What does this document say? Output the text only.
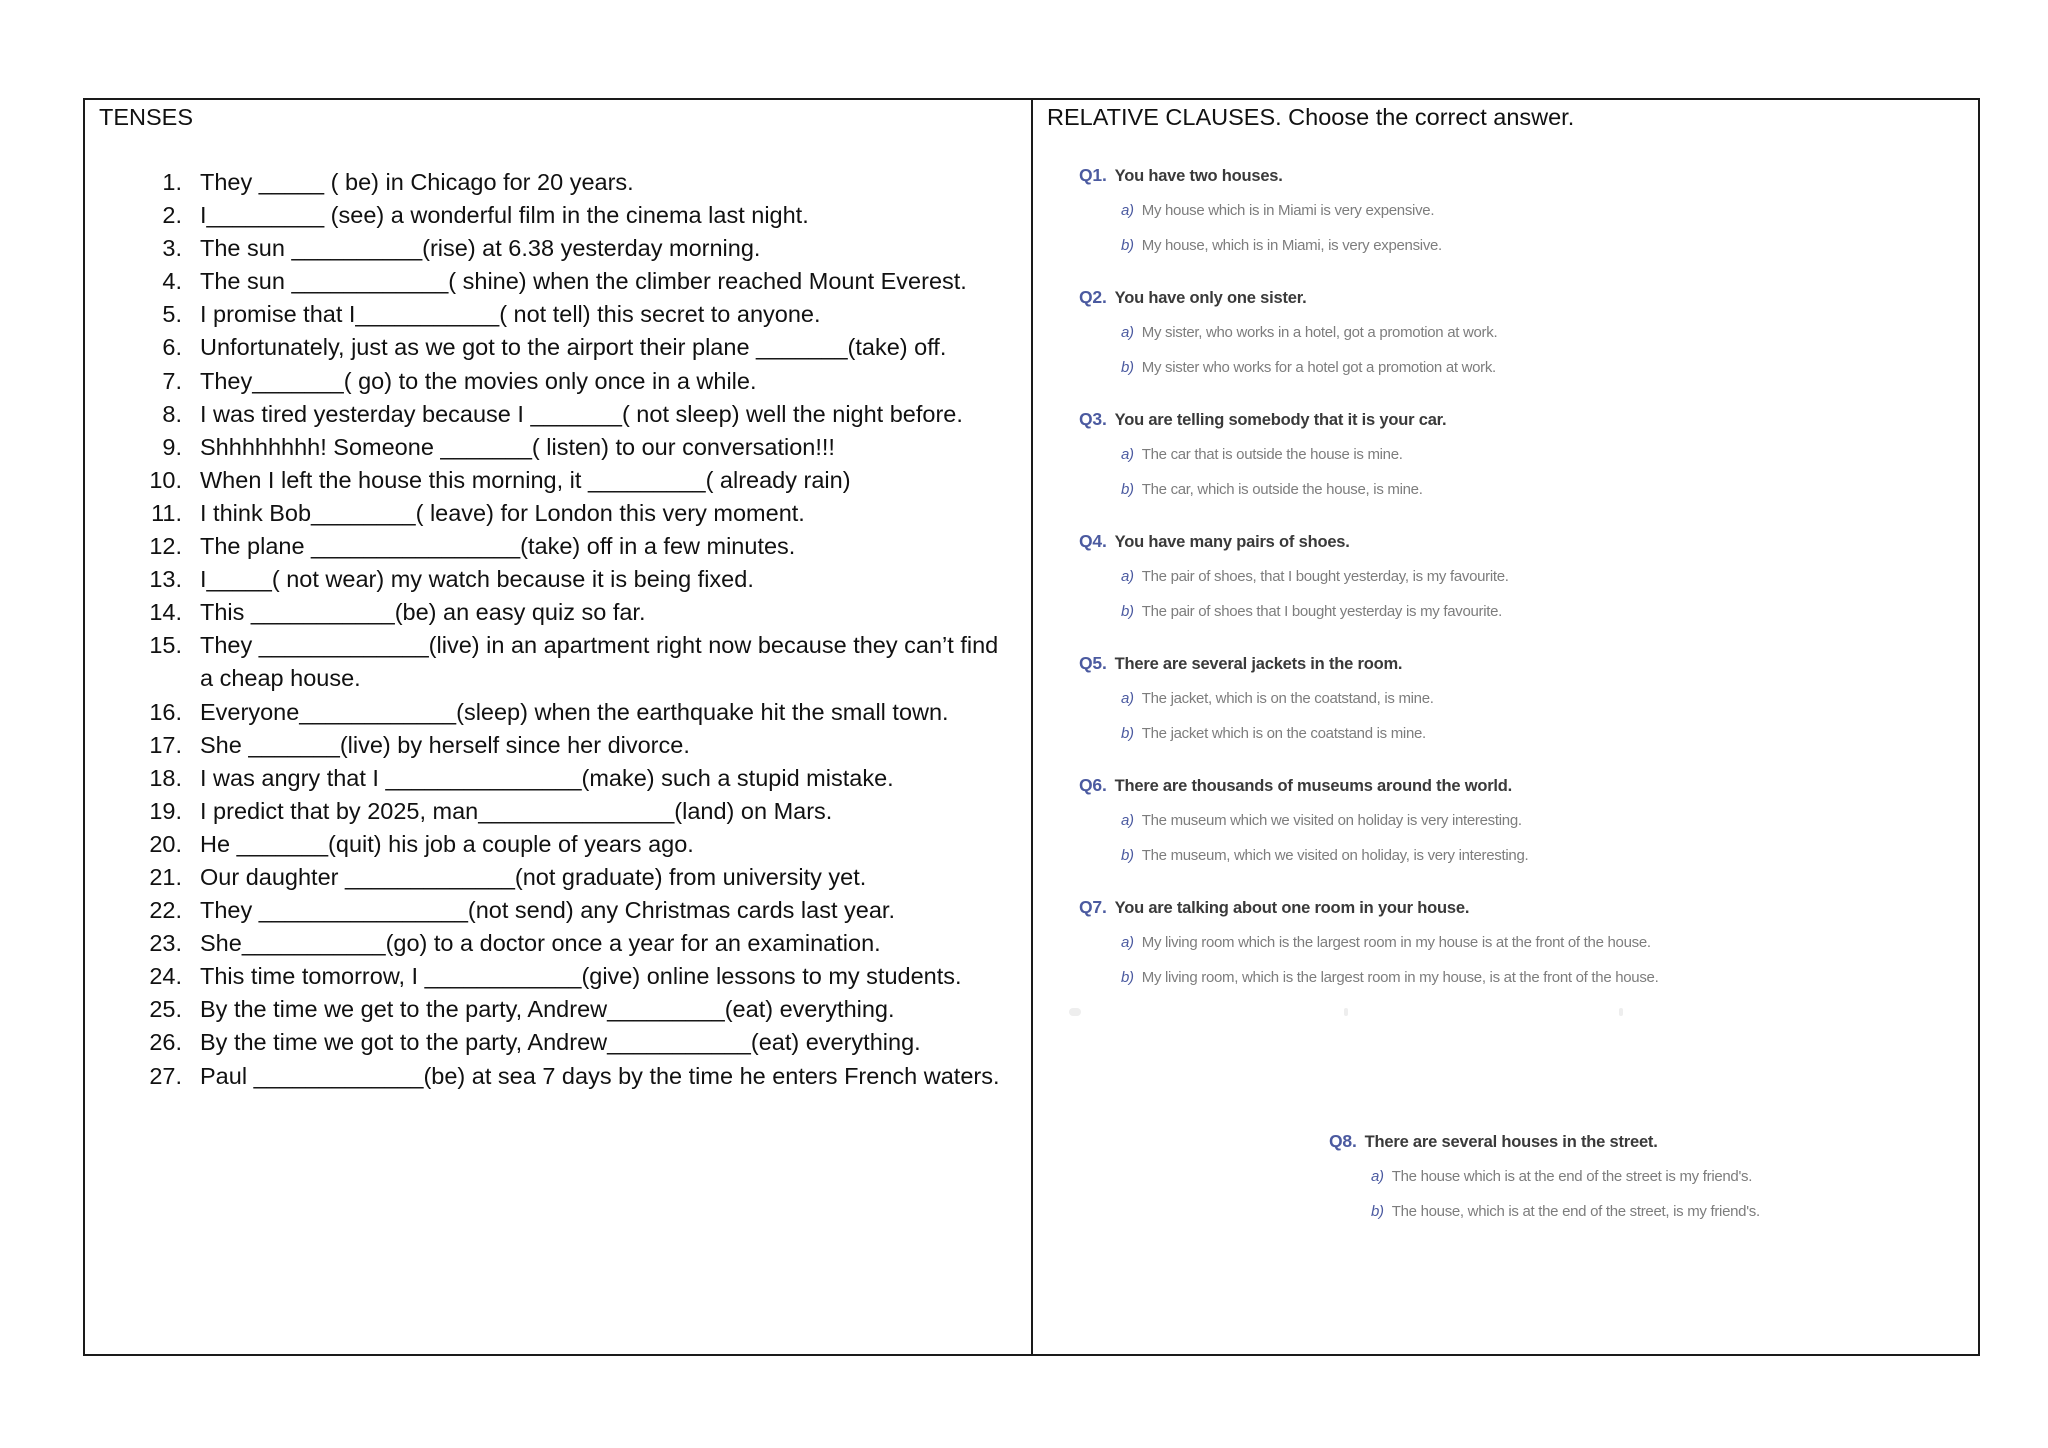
TENSES
1. They _____ ( be) in Chicago for 20 years.
2. I_________ (see) a wonderful film in the cinema last night.
3. The sun __________(rise) at 6.38 yesterday morning.
4. The sun ____________( shine) when the climber reached Mount Everest.
5. I promise that I___________( not tell) this secret to anyone.
6. Unfortunately, just as we got to the airport their plane _______(take) off.
7. They_______( go) to the movies only once in a while.
8. I was tired yesterday because I _______( not sleep) well the night before.
9. Shhhhhhhh! Someone _______( listen) to our conversation!!!
10. When I left the house this morning, it _________( already rain)
11. I think Bob________( leave) for London this very moment.
12. The plane ________________(take) off in a few minutes.
13. I_____( not wear) my watch because it is being fixed.
14. This ___________(be) an easy quiz so far.
15. They _____________(live) in an apartment right now because they can’t find a cheap house.
16. Everyone____________(sleep) when the earthquake hit the small town.
17. She _______(live) by herself since her divorce.
18. I was angry that I _______________(make) such a stupid mistake.
19. I predict that by 2025, man_______________(land) on Mars.
20. He _______(quit) his job a couple of years ago.
21. Our daughter _____________(not graduate) from university yet.
22. They ________________(not send) any Christmas cards last year.
23. She___________(go) to a doctor once a year for an examination.
24. This time tomorrow, I ____________(give) online lessons to my students.
25. By the time we get to the party, Andrew_________(eat) everything.
26. By the time we got to the party, Andrew___________(eat) everything.
27. Paul _____________(be) at sea 7 days by the time he enters French waters.
RELATIVE CLAUSES. Choose the correct answer.
Q1. You have two houses.
a) My house which is in Miami is very expensive.
b) My house, which is in Miami, is very expensive.
Q2. You have only one sister.
a) My sister, who works in a hotel, got a promotion at work.
b) My sister who works for a hotel got a promotion at work.
Q3. You are telling somebody that it is your car.
a) The car that is outside the house is mine.
b) The car, which is outside the house, is mine.
Q4. You have many pairs of shoes.
a) The pair of shoes, that I bought yesterday, is my favourite.
b) The pair of shoes that I bought yesterday is my favourite.
Q5. There are several jackets in the room.
a) The jacket, which is on the coatstand, is mine.
b) The jacket which is on the coatstand is mine.
Q6. There are thousands of museums around the world.
a) The museum which we visited on holiday is very interesting.
b) The museum, which we visited on holiday, is very interesting.
Q7. You are talking about one room in your house.
a) My living room which is the largest room in my house is at the front of the house.
b) My living room, which is the largest room in my house, is at the front of the house.
Q8. There are several houses in the street.
a) The house which is at the end of the street is my friend's.
b) The house, which is at the end of the street, is my friend's.
